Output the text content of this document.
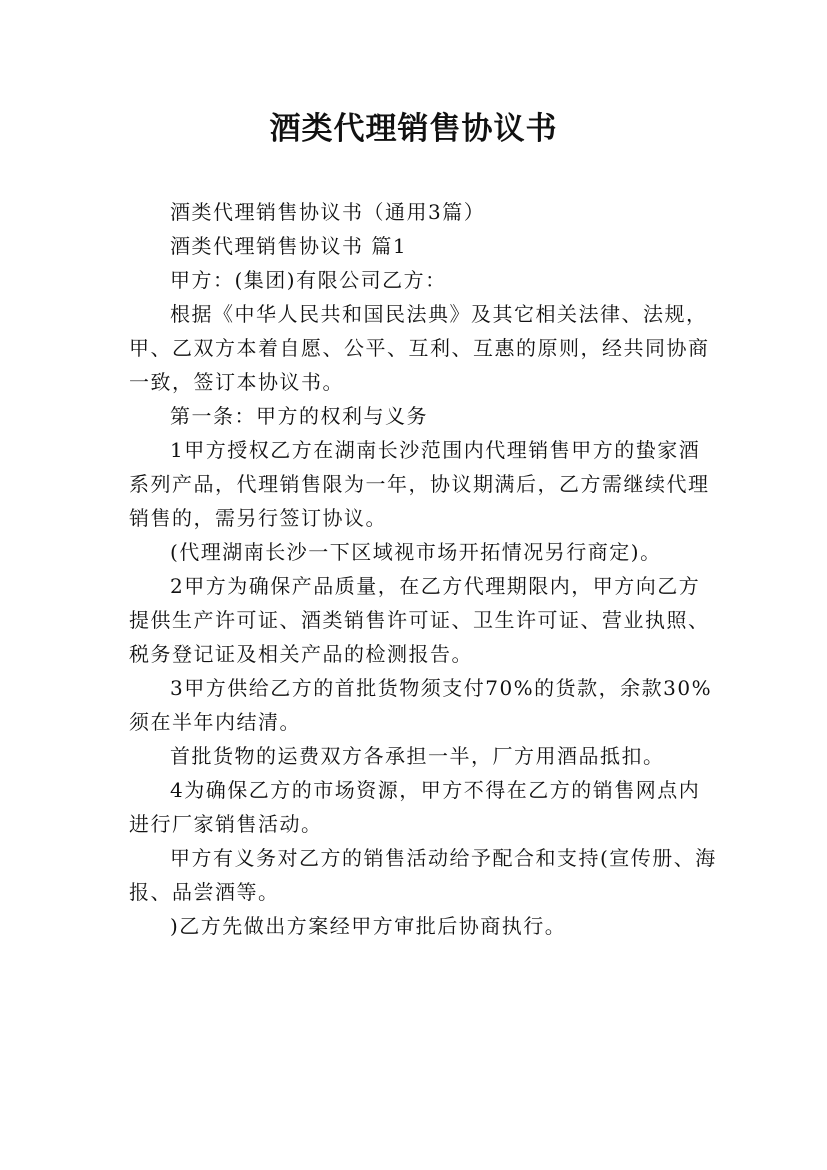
酒类代理销售协议书

酒类代理销售协议书（通用3篇）

酒类代理销售协议书 篇1

甲方：(集团)有限公司乙方：

根据《中华人民共和国民法典》及其它相关法律、法规，甲、乙双方本着自愿、公平、互利、互惠的原则，经共同协商一致，签订本协议书。

第一条：甲方的权利与义务

1甲方授权乙方在湖南长沙范围内代理销售甲方的蛰家酒系列产品，代理销售限为一年，协议期满后，乙方需继续代理销售的，需另行签订协议。

(代理湖南长沙一下区域视市场开拓情况另行商定)。

2甲方为确保产品质量，在乙方代理期限内，甲方向乙方提供生产许可证、酒类销售许可证、卫生许可证、营业执照、税务登记证及相关产品的检测报告。

3甲方供给乙方的首批货物须支付70%的货款，余款30%须在半年内结清。

首批货物的运费双方各承担一半，厂方用酒品抵扣。

4为确保乙方的市场资源，甲方不得在乙方的销售网点内进行厂家销售活动。

甲方有义务对乙方的销售活动给予配合和支持(宣传册、海报、品尝酒等。

)乙方先做出方案经甲方审批后协商执行。
